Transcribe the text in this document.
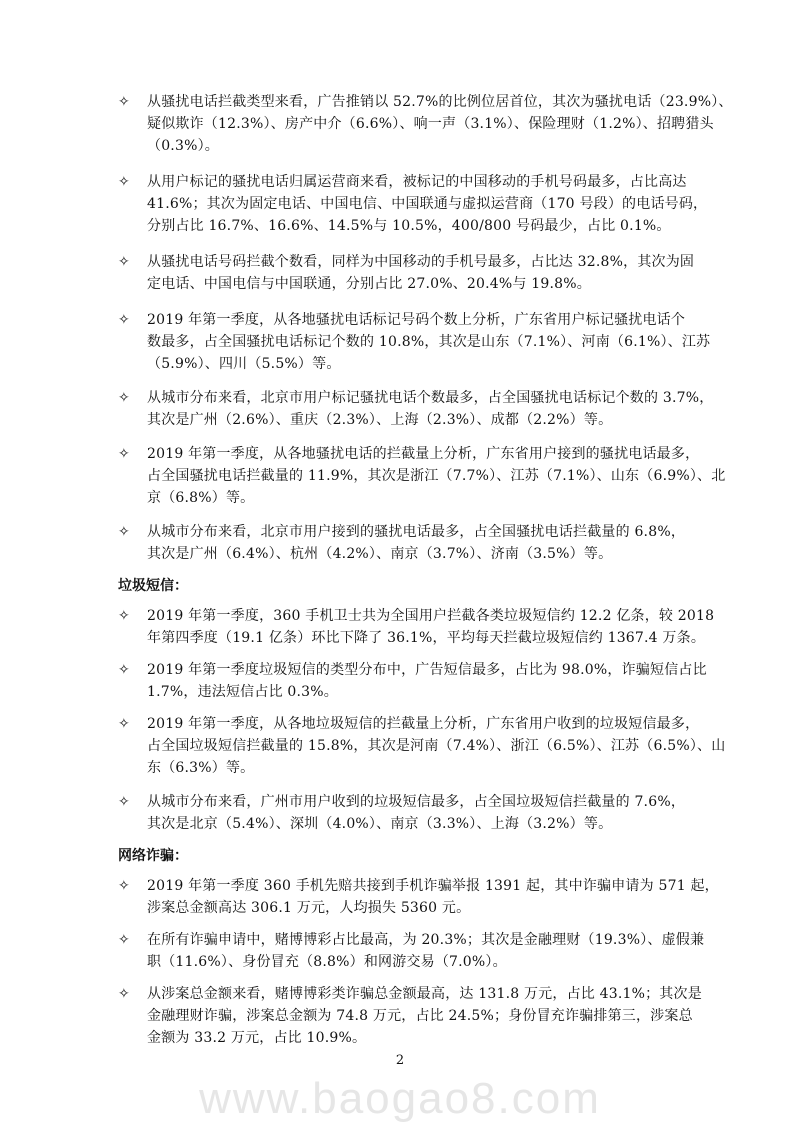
✧ 从骚扰电话拦截类型来看，广告推销以 52.7%的比例位居首位，其次为骚扰电话（23.9%）、
疑似欺诈（12.3%）、房产中介（6.6%）、响一声（3.1%）、保险理财（1.2%）、招聘猎头
（0.3%）。
✧ 从用户标记的骚扰电话归属运营商来看，被标记的中国移动的手机号码最多，占比高达
41.6%；其次为固定电话、中国电信、中国联通与虚拟运营商（170 号段）的电话号码，
分别占比 16.7%、16.6%、14.5%与 10.5%，400/800 号码最少，占比 0.1%。
✧ 从骚扰电话号码拦截个数看，同样为中国移动的手机号最多，占比达 32.8%，其次为固
定电话、中国电信与中国联通，分别占比 27.0%、20.4%与 19.8%。
✧ 2019 年第一季度，从各地骚扰电话标记号码个数上分析，广东省用户标记骚扰电话个
数最多，占全国骚扰电话标记个数的 10.8%，其次是山东（7.1%）、河南（6.1%）、江苏
（5.9%）、四川（5.5%）等。
✧ 从城市分布来看，北京市用户标记骚扰电话个数最多，占全国骚扰电话标记个数的 3.7%，
其次是广州（2.6%）、重庆（2.3%）、上海（2.3%）、成都（2.2%）等。
✧ 2019 年第一季度，从各地骚扰电话的拦截量上分析，广东省用户接到的骚扰电话最多，
占全国骚扰电话拦截量的 11.9%，其次是浙江（7.7%）、江苏（7.1%）、山东（6.9%）、北
京（6.8%）等。
✧ 从城市分布来看，北京市用户接到的骚扰电话最多，占全国骚扰电话拦截量的 6.8%，
其次是广州（6.4%）、杭州（4.2%）、南京（3.7%）、济南（3.5%）等。
垃圾短信：
✧ 2019 年第一季度，360 手机卫士共为全国用户拦截各类垃圾短信约 12.2 亿条，较 2018
年第四季度（19.1 亿条）环比下降了 36.1%，平均每天拦截垃圾短信约 1367.4 万条。
✧ 2019 年第一季度垃圾短信的类型分布中，广告短信最多，占比为 98.0%，诈骗短信占比
1.7%，违法短信占比 0.3%。
✧ 2019 年第一季度，从各地垃圾短信的拦截量上分析，广东省用户收到的垃圾短信最多，
占全国垃圾短信拦截量的 15.8%，其次是河南（7.4%）、浙江（6.5%）、江苏（6.5%）、山
东（6.3%）等。
✧ 从城市分布来看，广州市用户收到的垃圾短信最多，占全国垃圾短信拦截量的 7.6%，
其次是北京（5.4%）、深圳（4.0%）、南京（3.3%）、上海（3.2%）等。
网络诈骗：
✧ 2019 年第一季度 360 手机先赔共接到手机诈骗举报 1391 起，其中诈骗申请为 571 起，
涉案总金额高达 306.1 万元，人均损失 5360 元。
✧ 在所有诈骗申请中，赌博博彩占比最高，为 20.3%；其次是金融理财（19.3%）、虚假兼
职（11.6%）、身份冒充（8.8%）和网游交易（7.0%）。
✧ 从涉案总金额来看，赌博博彩类诈骗总金额最高，达 131.8 万元，占比 43.1%；其次是
金融理财诈骗，涉案总金额为 74.8 万元，占比 24.5%；身份冒充诈骗排第三，涉案总
金额为 33.2 万元，占比 10.9%。
2
www.baogao8.com
